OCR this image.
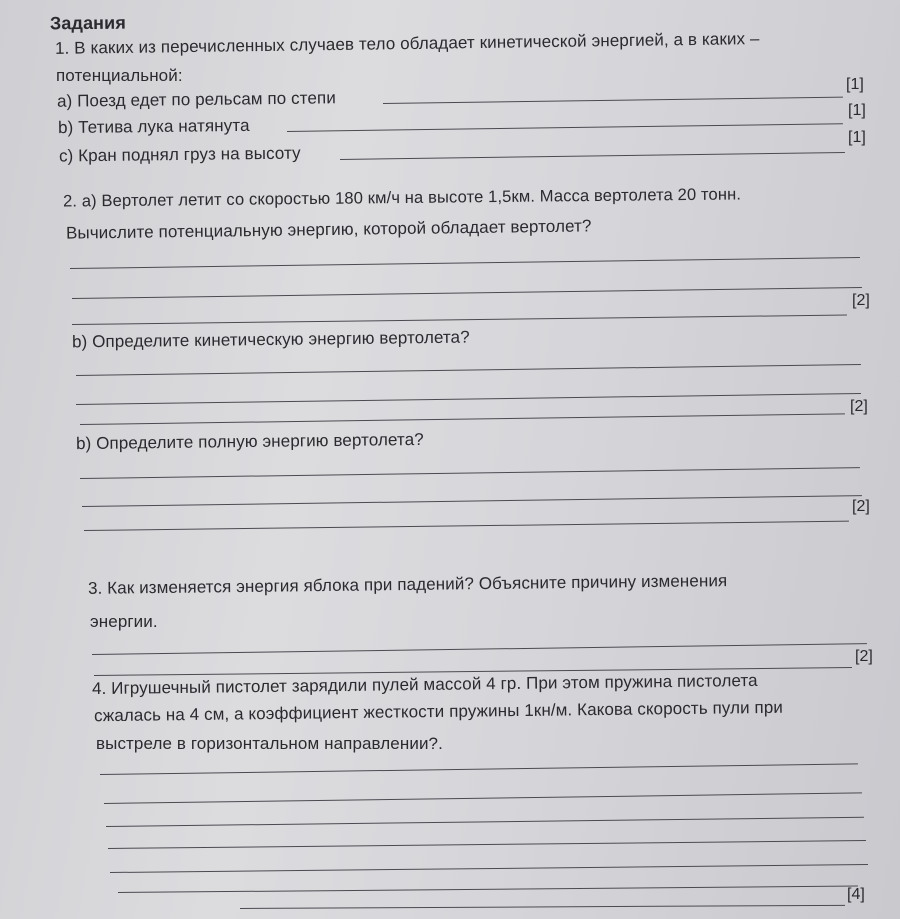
Задания
1. В каких из перечисленных случаев тело обладает кинетической энергией, а в каких –
потенциальной:
a) Поезд едет по рельсам по степи
[1]
b) Тетива лука натянута
[1]
c) Кран поднял груз на высоту
[1]
2. a) Вертолет летит со скоростью 180 км/ч на высоте 1,5км. Масса вертолета 20 тонн.
Вычислите потенциальную энергию, которой обладает вертолет?
[2]
b) Определите кинетическую энергию вертолета?
[2]
b) Определите полную энергию вертолета?
[2]
3. Как изменяется энергия яблока при падений? Объясните причину изменения
энергии.
[2]
4. Игрушечный пистолет зарядили пулей массой 4 гр. При этом пружина пистолета
сжалась на 4 см, а коэффициент жесткости пружины 1кн/м. Какова скорость пули при
выстреле в горизонтальном направлении?.
[4]
